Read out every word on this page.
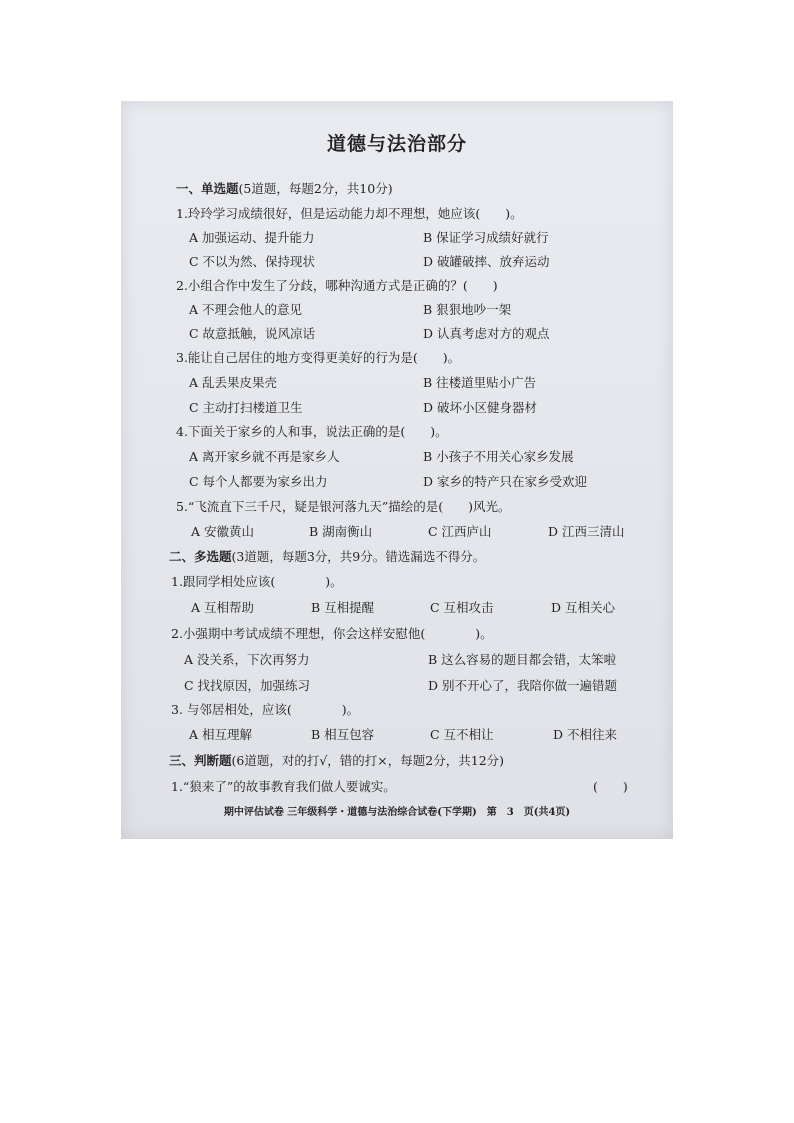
道德与法治部分
一、单选题(5道题，每题2分，共10分)
1.玲玲学习成绩很好，但是运动能力却不理想，她应该(　　)。
A 加强运动、提升能力	B 保证学习成绩好就行
C 不以为然、保持现状	D 破罐破摔、放弃运动
2.小组合作中发生了分歧，哪种沟通方式是正确的？(　　)
A 不理会他人的意见	B 狠狠地吵一架
C 故意抵触，说风凉话	D 认真考虑对方的观点
3.能让自己居住的地方变得更美好的行为是(　　)。
A 乱丢果皮果壳	B 往楼道里贴小广告
C 主动打扫楼道卫生	D 破坏小区健身器材
4.下面关于家乡的人和事，说法正确的是(　　)。
A 离开家乡就不再是家乡人	B 小孩子不用关心家乡发展
C 每个人都要为家乡出力	D 家乡的特产只在家乡受欢迎
5.“飞流直下三千尺，疑是银河落九天”描绘的是(　　)风光。
A 安徽黄山	B 湖南衡山	C 江西庐山	D 江西三清山
二、多选题(3道题，每题3分，共9分。错选漏选不得分。
1.跟同学相处应该(　　　　)。
A 互相帮助	B 互相提醒	C 互相攻击	D 互相关心
2.小强期中考试成绩不理想，你会这样安慰他(　　　　)。
A 没关系，下次再努力	B 这么容易的题目都会错，太笨啦
C 找找原因，加强练习	D 别不开心了，我陪你做一遍错题
3. 与邻居相处，应该(　　　　)。
A 相互理解	B 相互包容	C 互不相让	D 不相往来
三、判断题(6道题，对的打√，错的打×，每题2分，共12分)
1.“狼来了”的故事教育我们做人要诚实。	(　　)
期中评估试卷 三年级科学・道德与法治综合试卷(下学期)　第　3　页(共4页)
